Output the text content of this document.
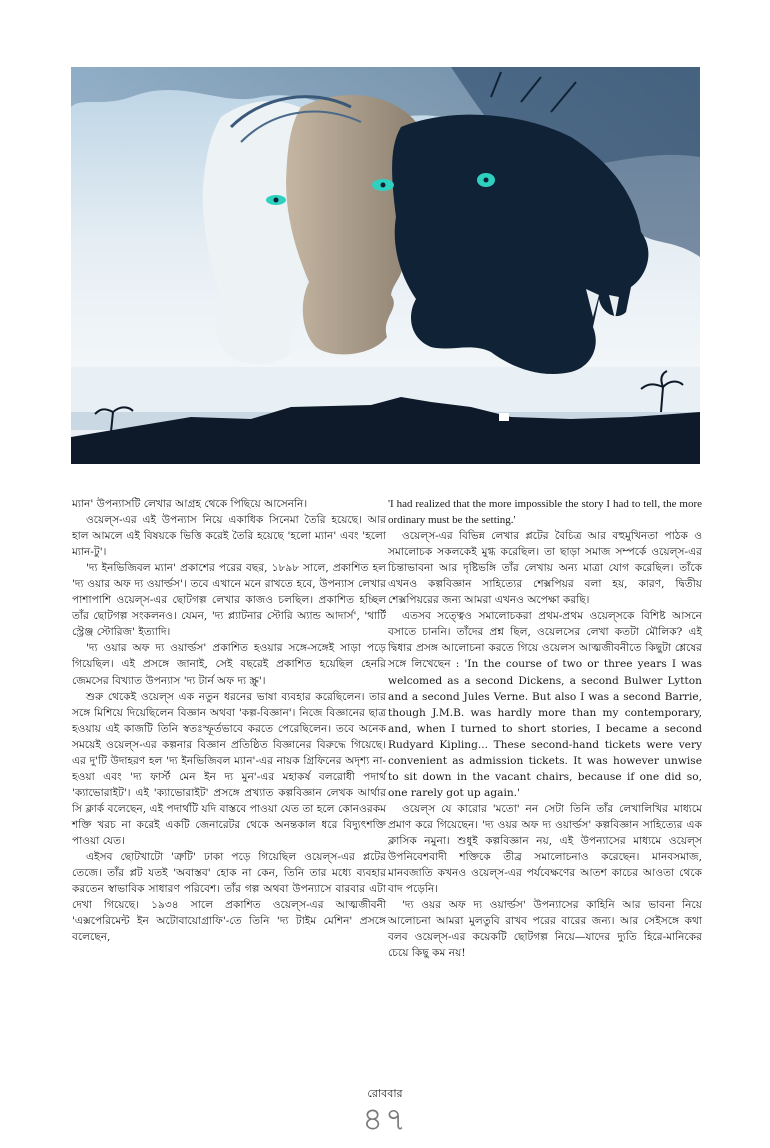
ম্যান' উপন্যাসটি লেখার আগ্রহ থেকে পিছিয়ে আসেননি।

ওয়েল্‌স-এর এই উপন্যাস নিয়ে একাধিক সিনেমা তৈরি হয়েছে। আর হাল আমলে এই বিষয়কে ভিত্তি করেই তৈরি হয়েছে 'হলো ম্যান' এবং 'হলো ম্যান-টু'।

'দ্য ইনভিজিবল ম্যান' প্রকাশের পরের বছর, ১৮৯৮ সালে, প্রকাশিত হল 'দ্য ওয়ার অফ দ্য ওয়ার্ল্ডস'। তবে এখানে মনে রাখতে হবে, উপন্যাস লেখার পাশাপাশি ওয়েল্‌স-এর ছোটগল্প লেখার কাজও চলছিল। প্রকাশিত হচ্ছিল তাঁর ছোটগল্প সংকলনও। যেমন, 'দ্য প্ল্যাটনার স্টোরি অ্যান্ড আদার্স', 'থার্টি স্ট্রেঞ্জ স্টোরিজ' ইত্যাদি।

'দ্য ওয়ার অফ দ্য ওয়ার্ল্ডস' প্রকাশিত হওয়ার সঙ্গে-সঙ্গেই সাড়া পড়ে গিয়েছিল। এই প্রসঙ্গে জানাই, সেই বছরেই প্রকাশিত হয়েছিল হেনরি জেমসের বিখ্যাত উপন্যাস 'দ্য টার্ন অফ দ্য স্ক্রু'।

শুরু থেকেই ওয়েল্‌স এক নতুন ধরনের ভাষা ব্যবহার করেছিলেন। তার সঙ্গে মিশিয়ে দিয়েছিলেন বিজ্ঞান অথবা 'কল্প-বিজ্ঞান'। নিজে বিজ্ঞানের ছাত্র হওয়ায় এই কাজটি তিনি স্বতঃস্ফূর্তভাবে করতে পেরেছিলেন। তবে অনেক সময়েই ওয়েল্‌স-এর কল্পনার বিজ্ঞান প্রতিষ্ঠিত বিজ্ঞানের বিরুদ্ধে গিয়েছে। এর দু'টি উদাহরণ হল 'দ্য ইনভিজিবল ম্যান'-এর নায়ক গ্রিফিনের অদৃশ্য না-হওয়া এবং 'দ্য ফার্স্ট মেন ইন দ্য মুন'-এর মহাকর্ষ বলরোধী পদার্থ 'ক্যাভোরাইট'। এই 'ক্যাভোরাইট' প্রসঙ্গে প্রখ্যাত কল্পবিজ্ঞান লেখক আর্থার সি ক্লার্ক বলেছেন, এই পদার্থটি যদি বাস্তবে পাওয়া যেত তা হলে কোনওরকম শক্তি খরচ না করেই একটি জেনারেটর থেকে অনন্তকাল ধরে বিদ্যুৎশক্তি পাওয়া যেত।

এইসব ছোটখাটো 'ত্রুটি' ঢাকা পড়ে গিয়েছিল ওয়েল্‌স-এর প্লটের তেজে। তাঁর প্লট যতই 'অবাস্তব' হোক না কেন, তিনি তার মধ্যে ব্যবহার করতেন স্বাভাবিক সাধারণ পরিবেশ। তাঁর গল্প অথবা উপন্যাসে বারবার এটা দেখা গিয়েছে। ১৯৩৪ সালে প্রকাশিত ওয়েল্‌স-এর আত্মজীবনী 'এক্সপেরিমেন্ট ইন অটোবায়োগ্রাফি'-তে তিনি 'দ্য টাইম মেশিন' প্রসঙ্গে বলেছেন,

'I had realized that the more impossible the story I had to tell, the more ordinary must be the setting.'

ওয়েল্‌স-এর বিভিন্ন লেখার প্লটের বৈচিত্র আর বহুমুখিনতা পাঠক ও সমালোচক সকলকেই মুগ্ধ করেছিল। তা ছাড়া সমাজ সম্পর্কে ওয়েল্‌স-এর চিন্তাভাবনা আর দৃষ্টিভঙ্গি তাঁর লেখায় অন্য মাত্রা যোগ করেছিল। তাঁকে এখনও কল্পবিজ্ঞান সাহিত্যের শেক্সপিয়র বলা হয়, কারণ, দ্বিতীয় শেক্সপিয়রের জন্য আমরা এখনও অপেক্ষা করছি।

এতসব সত্ত্বেও সমালোচকরা প্রথম-প্রথম ওয়েল্‌সকে বিশিষ্ট আসনে বসাতে চাননি। তাঁদের প্রশ্ন ছিল, ওয়েলসের লেখা কতটা মৌলিক? এই দ্বিধার প্রসঙ্গ আলোচনা করতে গিয়ে ওয়েলস আত্মজীবনীতে কিছুটা শ্লেষের সঙ্গে লিখেছেন : 'In the course of two or three years I was welcomed as a second Dickens, a second Bulwer Lytton and a second Jules Verne. But also I was a second Barrie, though J.M.B. was hardly more than my contemporary, and, when I turned to short stories, I became a second Rudyard Kipling... These second-hand tickets were very convenient as admission tickets. It was however unwise to sit down in the vacant chairs, because if one did so, one rarely got up again.'

ওয়েল্‌স যে কারোর 'মতো' নন সেটা তিনি তাঁর লেখালিখির মাধ্যমে প্রমাণ করে গিয়েছেন। 'দ্য ওয়র অফ দ্য ওয়ার্ল্ডস' কল্পবিজ্ঞান সাহিত্যের এক ক্লাসিক নমুনা। শুধুই কল্পবিজ্ঞান নয়, এই উপন্যাসের মাধ্যমে ওয়েল্‌স উপনিবেশবাদী শক্তিকে তীব্র সমালোচনাও করেছেন। মানবসমাজ, মানবজাতি কখনও ওয়েল্‌স-এর পর্যবেক্ষণের আতশ কাচের আওতা থেকে বাদ পড়েনি।

'দ্য ওয়র অফ দ্য ওয়ার্ল্ডস' উপন্যাসের কাহিনি আর ভাবনা নিয়ে আলোচনা আমরা মুলতুবি রাখব পরের বারের জন্য। আর সেইসঙ্গে কথা বলব ওয়েল্‌স-এর কয়েকটি ছোটগল্প নিয়ে—যাদের দ্যুতি হিরে-মানিকের চেয়ে কিছু কম নয়!

রোববার
৪৭
